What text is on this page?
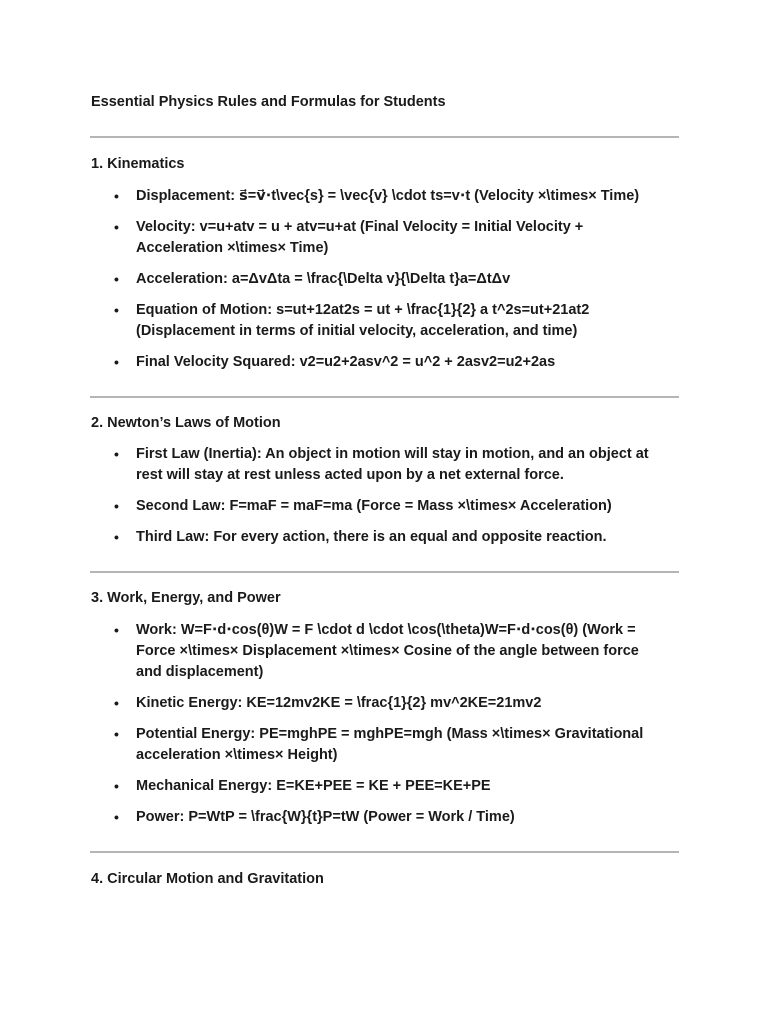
Essential Physics Rules and Formulas for Students
1. Kinematics
•	Displacement: s⃗=v⃗⋅t\vec{s} = \vec{v} \cdot ts=v⋅t (Velocity ×\times× Time)
•	Velocity: v=u+atv = u + atv=u+at (Final Velocity = Initial Velocity + Acceleration ×\times× Time)
•	Acceleration: a=ΔvΔta = \frac{\Delta v}{\Delta t}a=ΔtΔv
•	Equation of Motion: s=ut+12at2s = ut + \frac{1}{2} a t^2s=ut+21at2 (Displacement in terms of initial velocity, acceleration, and time)
•	Final Velocity Squared: v2=u2+2asv^2 = u^2 + 2asv2=u2+2as
2. Newton’s Laws of Motion
•	First Law (Inertia): An object in motion will stay in motion, and an object at rest will stay at rest unless acted upon by a net external force.
•	Second Law: F=maF = maF=ma (Force = Mass ×\times× Acceleration)
•	Third Law: For every action, there is an equal and opposite reaction.
3. Work, Energy, and Power
•	Work: W=F⋅d⋅cos(θ)W = F \cdot d \cdot \cos(\theta)W=F⋅d⋅cos(θ) (Work = Force ×\times× Displacement ×\times× Cosine of the angle between force and displacement)
•	Kinetic Energy: KE=12mv2KE = \frac{1}{2} mv^2KE=21mv2
•	Potential Energy: PE=mghPE = mghPE=mgh (Mass ×\times× Gravitational acceleration ×\times× Height)
•	Mechanical Energy: E=KE+PEE = KE + PEE=KE+PE
•	Power: P=WtP = \frac{W}{t}P=tW (Power = Work / Time)
4. Circular Motion and Gravitation
